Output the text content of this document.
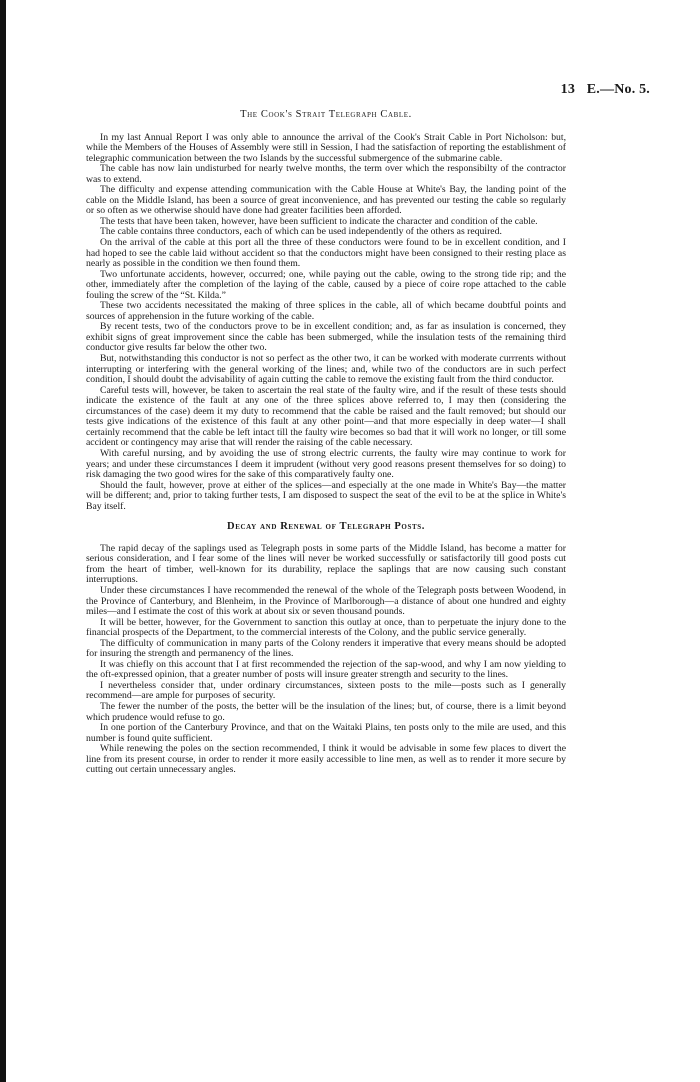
13 E.—No. 5.
The Cook's Strait Telegraph Cable.

In my last Annual Report I was only able to announce the arrival of the Cook's Strait Cable in Port Nicholson: but, while the Members of the Houses of Assembly were still in Session, I had the satisfaction of reporting the establishment of telegraphic communication between the two Islands by the successful submergence of the submarine cable.

The cable has now lain undisturbed for nearly twelve months, the term over which the responsibilty of the contractor was to extend.

The difficulty and expense attending communication with the Cable House at White's Bay, the landing point of the cable on the Middle Island, has been a source of great inconvenience, and has prevented our testing the cable so regularly or so often as we otherwise should have done had greater facilities been afforded.

The tests that have been taken, however, have been sufficient to indicate the character and condition of the cable.

The cable contains three conductors, each of which can be used independently of the others as required.

On the arrival of the cable at this port all the three of these conductors were found to be in excellent condition, and I had hoped to see the cable laid without accident so that the conductors might have been consigned to their resting place as nearly as possible in the condition we then found them.

Two unfortunate accidents, however, occurred; one, while paying out the cable, owing to the strong tide rip; and the other, immediately after the completion of the laying of the cable, caused by a piece of coire rope attached to the cable fouling the screw of the “St. Kilda.”

These two accidents necessitated the making of three splices in the cable, all of which became doubtful points and sources of apprehension in the future working of the cable.

By recent tests, two of the conductors prove to be in excellent condition; and, as far as insulation is concerned, they exhibit signs of great improvement since the cable has been submerged, while the insulation tests of the remaining third conductor give results far below the other two.

But, notwithstanding this conductor is not so perfect as the other two, it can be worked with moderate currrents without interrupting or interfering with the general working of the lines; and, while two of the conductors are in such perfect condition, I should doubt the advisability of again cutting the cable to remove the existing fault from the third conductor.

Careful tests will, however, be taken to ascertain the real state of the faulty wire, and if the result of these tests should indicate the existence of the fault at any one of the three splices above referred to, I may then (considering the circumstances of the case) deem it my duty to recommend that the cable be raised and the fault removed; but should our tests give indications of the existence of this fault at any other point—and that more especially in deep water—I shall certainly recommend that the cable be left intact till the faulty wire becomes so bad that it will work no longer, or till some accident or contingency may arise that will render the raising of the cable necessary.

With careful nursing, and by avoiding the use of strong electric currents, the faulty wire may continue to work for years; and under these circumstances I deem it imprudent (without very good reasons present themselves for so doing) to risk damaging the two good wires for the sake of this comparatively faulty one.

Should the fault, however, prove at either of the splices—and especially at the one made in White's Bay—the matter will be different; and, prior to taking further tests, I am disposed to suspect the seat of the evil to be at the splice in White's Bay itself.

Decay and Renewal of Telegraph Posts.

The rapid decay of the saplings used as Telegraph posts in some parts of the Middle Island, has become a matter for serious consideration, and I fear some of the lines will never be worked successfully or satisfactorily till good posts cut from the heart of timber, well-known for its durability, replace the saplings that are now causing such constant interruptions.

Under these circumstances I have recommended the renewal of the whole of the Telegraph posts between Woodend, in the Province of Canterbury, and Blenheim, in the Province of Marlborough—a distance of about one hundred and eighty miles—and I estimate the cost of this work at about six or seven thousand pounds.

It will be better, however, for the Government to sanction this outlay at once, than to perpetuate the injury done to the financial prospects of the Department, to the commercial interests of the Colony, and the public service generally.

The difficulty of communication in many parts of the Colony renders it imperative that every means should be adopted for insuring the strength and permanency of the lines.

It was chiefly on this account that I at first recommended the rejection of the sap-wood, and why I am now yielding to the oft-expressed opinion, that a greater number of posts will insure greater strength and security to the lines.

I nevertheless consider that, under ordinary circumstances, sixteen posts to the mile—posts such as I generally recommend—are ample for purposes of security.

The fewer the number of the posts, the better will be the insulation of the lines; but, of course, there is a limit beyond which prudence would refuse to go.

In one portion of the Canterbury Province, and that on the Waitaki Plains, ten posts only to the mile are used, and this number is found quite sufficient.

While renewing the poles on the section recommended, I think it would be advisable in some few places to divert the line from its present course, in order to render it more easily accessible to line men, as well as to render it more secure by cutting out certain unnecessary angles.
